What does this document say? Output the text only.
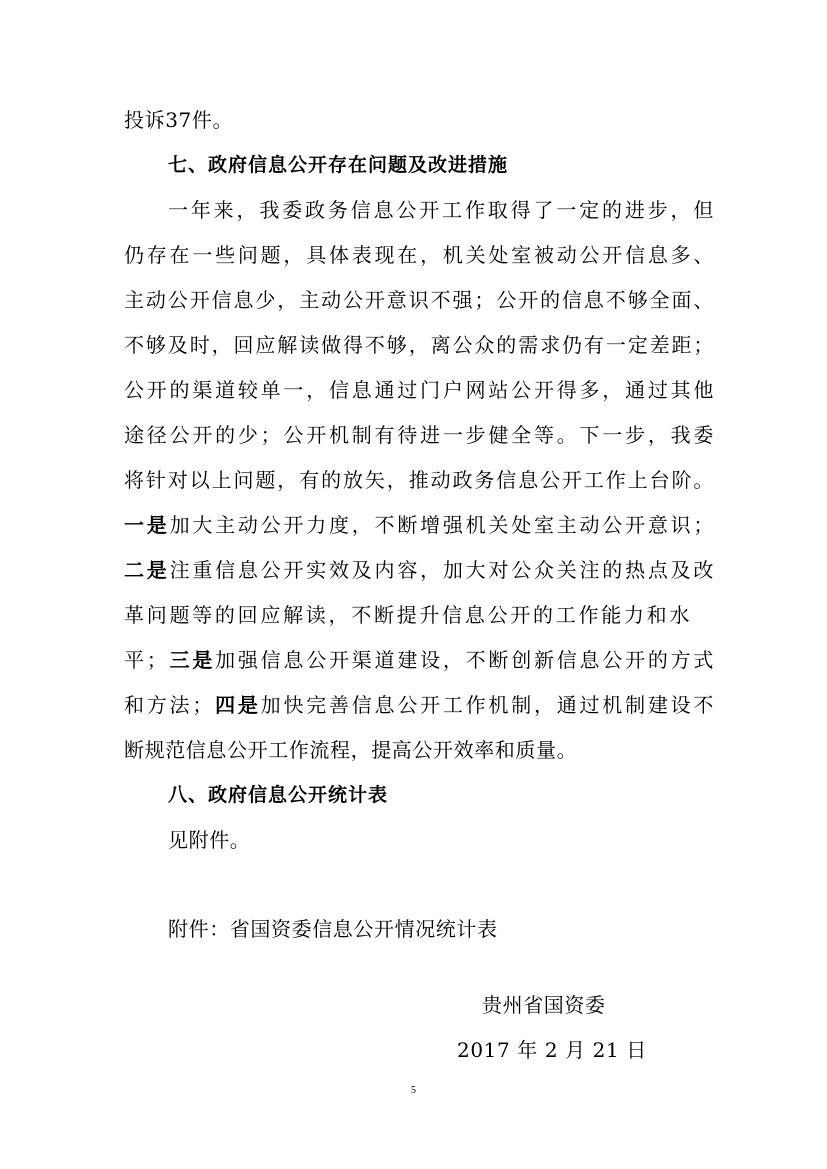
投诉37件。
七、政府信息公开存在问题及改进措施
一年来，我委政务信息公开工作取得了一定的进步，但
仍存在一些问题，具体表现在，机关处室被动公开信息多、
主动公开信息少，主动公开意识不强；公开的信息不够全面、
不够及时，回应解读做得不够，离公众的需求仍有一定差距；
公开的渠道较单一，信息通过门户网站公开得多，通过其他
途径公开的少；公开机制有待进一步健全等。下一步，我委
将针对以上问题，有的放矢，推动政务信息公开工作上台阶。
一是加大主动公开力度，不断增强机关处室主动公开意识；
二是注重信息公开实效及内容，加大对公众关注的热点及改
革问题等的回应解读，不断提升信息公开的工作能力和水
平；三是加强信息公开渠道建设，不断创新信息公开的方式
和方法；四是加快完善信息公开工作机制，通过机制建设不
断规范信息公开工作流程，提高公开效率和质量。
八、政府信息公开统计表
见附件。
附件：省国资委信息公开情况统计表
贵州省国资委
2017 年 2 月 21 日
5
